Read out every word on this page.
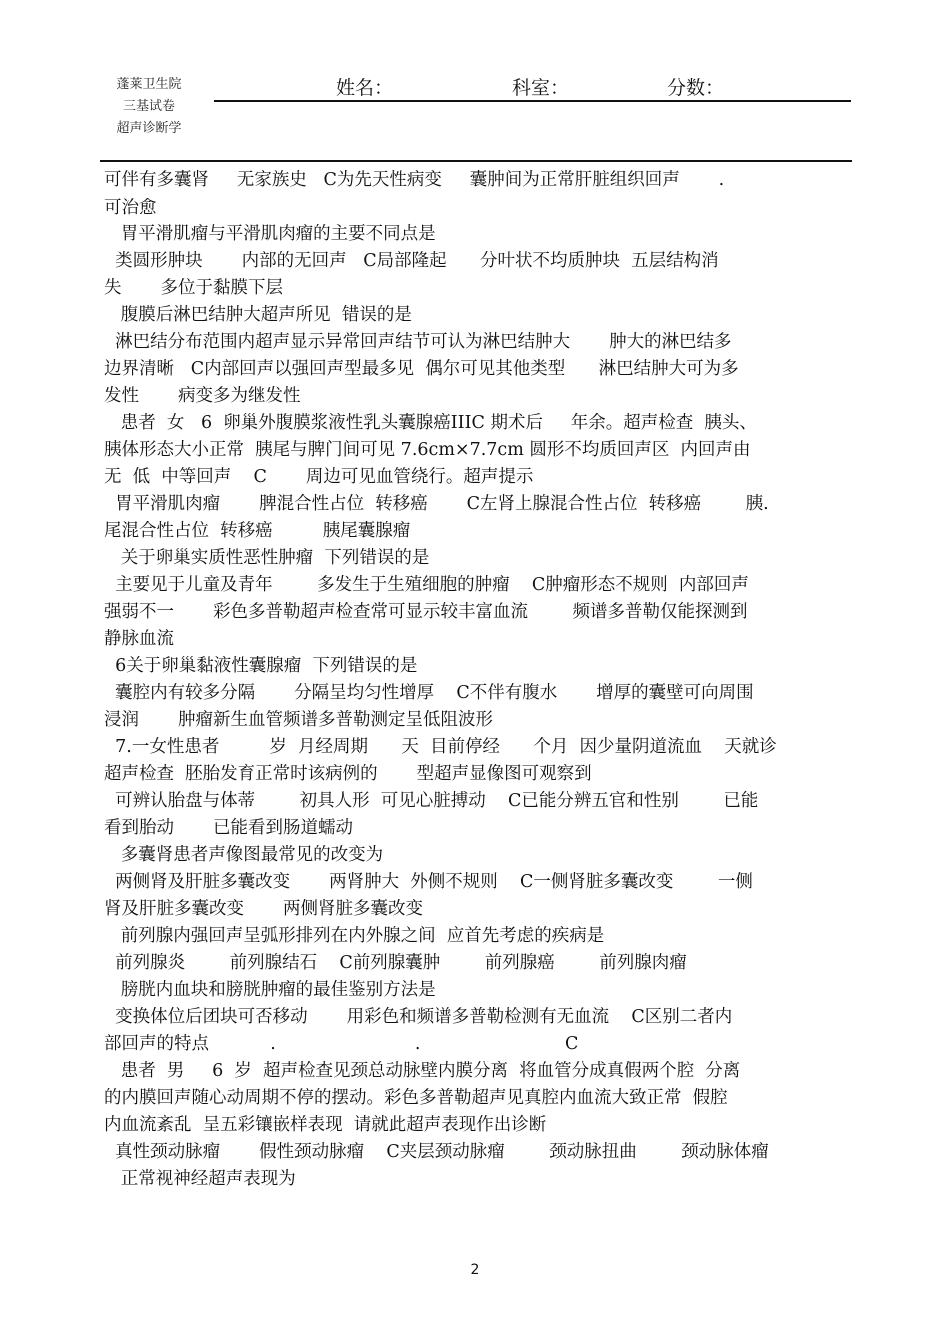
蓬莱卫生院
三基试卷
超声诊断学
姓名：	科室：	分数：
可伴有多囊肾     无家族史   C为先天性病变     囊肿间为正常肝脏组织回声       .
可治愈
胃平滑肌瘤与平滑肌肉瘤的主要不同点是
类圆形肿块       内部的无回声   C局部隆起      分叶状不均质肿块  五层结构消
失       多位于黏膜下层
腹膜后淋巴结肿大超声所见  错误的是
淋巴结分布范围内超声显示异常回声结节可认为淋巴结肿大       肿大的淋巴结多
边界清晰   C内部回声以强回声型最多见  偶尔可见其他类型      淋巴结肿大可为多
发性       病变多为继发性
患者  女   6  卵巢外腹膜浆液性乳头囊腺癌IIIC 期术后     年余。超声检查  胰头、
胰体形态大小正常  胰尾与脾门间可见 7.6cm×7.7cm 圆形不均质回声区  内回声由
无  低  中等回声    C       周边可见血管绕行。超声提示
胃平滑肌肉瘤       脾混合性占位  转移癌       C左肾上腺混合性占位  转移癌        胰.
尾混合性占位  转移癌         胰尾囊腺瘤
关于卵巢实质性恶性肿瘤  下列错误的是
主要见于儿童及青年        多发生于生殖细胞的肿瘤    C肿瘤形态不规则  内部回声
强弱不一       彩色多普勒超声检查常可显示较丰富血流        频谱多普勒仅能探测到
静脉血流
6关于卵巢黏液性囊腺瘤  下列错误的是
囊腔内有较多分隔       分隔呈均匀性增厚    C不伴有腹水       增厚的囊壁可向周围
浸润       肿瘤新生血管频谱多普勒测定呈低阻波形
7.一女性患者         岁  月经周期      天  目前停经      个月  因少量阴道流血    天就诊
超声检查  胚胎发育正常时该病例的       型超声显像图可观察到
可辨认胎盘与体蒂        初具人形  可见心脏搏动    C已能分辨五官和性别        已能
看到胎动       已能看到肠道蠕动
多囊肾患者声像图最常见的改变为
两侧肾及肝脏多囊改变       两肾肿大  外侧不规则    C一侧肾脏多囊改变        一侧
肾及肝脏多囊改变       两侧肾脏多囊改变
前列腺内强回声呈弧形排列在内外腺之间  应首先考虑的疾病是
前列腺炎        前列腺结石    C前列腺囊肿        前列腺癌        前列腺肉瘤
膀胱内血块和膀胱肿瘤的最佳鉴别方法是
变换体位后团块可否移动       用彩色和频谱多普勒检测有无血流    C区别二者内
部回声的特点           .                         .                          C
患者  男     6  岁  超声检查见颈总动脉壁内膜分离  将血管分成真假两个腔  分离
的内膜回声随心动周期不停的摆动。彩色多普勒超声见真腔内血流大致正常  假腔
内血流紊乱  呈五彩镶嵌样表现  请就此超声表现作出诊断
真性颈动脉瘤       假性颈动脉瘤    C夹层颈动脉瘤        颈动脉扭曲        颈动脉体瘤
正常视神经超声表现为
2
